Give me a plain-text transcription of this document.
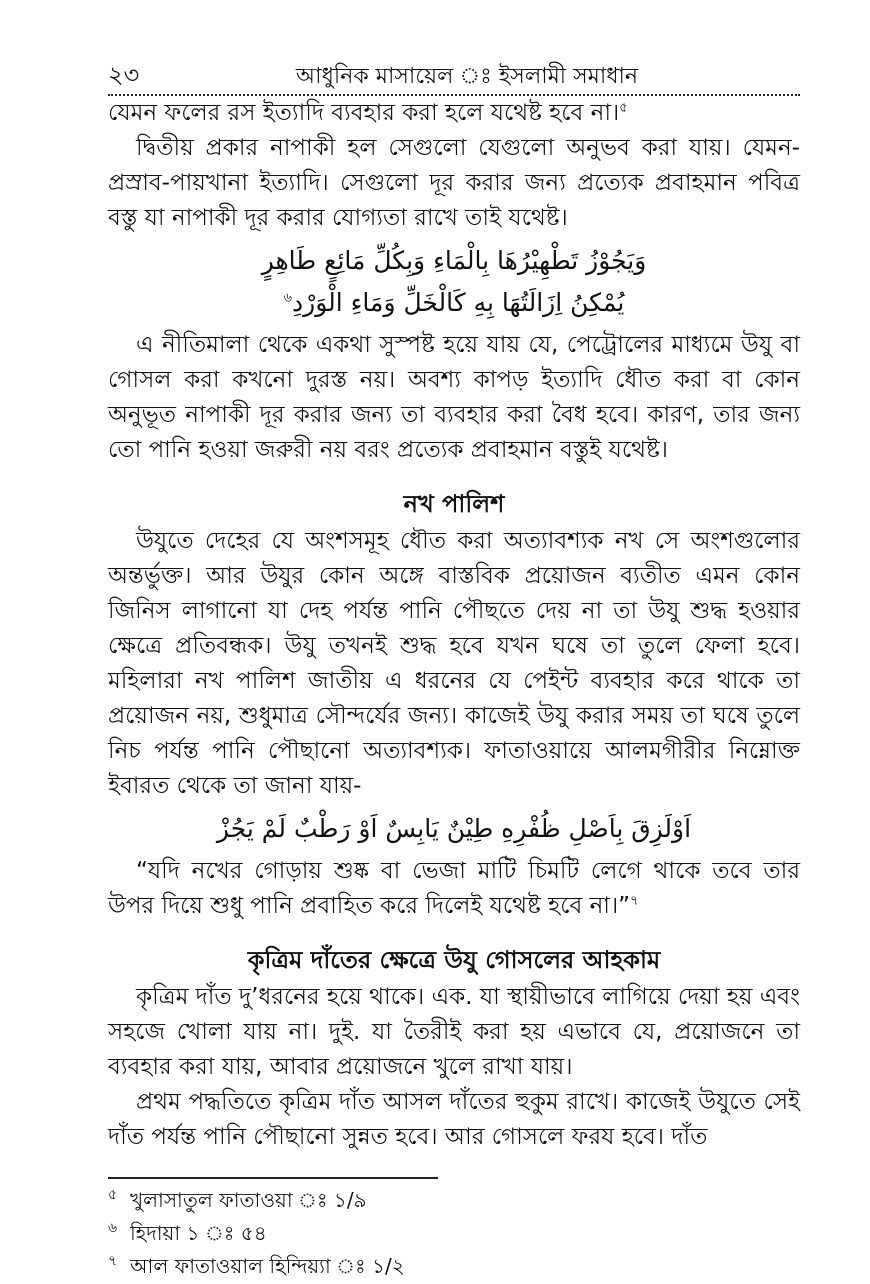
২৩	আধুনিক মাসায়েল ঃ ইসলামী সমাধান

যেমন ফলের রস ইত্যাদি ব্যবহার করা হলে যথেষ্ট হবে না।$^৫$

দ্বিতীয় প্রকার নাপাকী হল সেগুলো যেগুলো অনুভব করা যায়। যেমন-প্রস্রাব-পায়খানা ইত্যাদি। সেগুলো দূর করার জন্য প্রত্যেক প্রবাহমান পবিত্র বস্তু যা নাপাকী দূর করার যোগ্যতা রাখে তাই যথেষ্ট।

وَيَجُوْزُ تَطْهِيْرُهَا بِالْمَاءِ وَبِكُلِّ مَائِعٍ طَاهِرٍ
يُمْكِنُ اِزَالَتُهَا بِهِ كَالْخَلِّ وَمَاءِ الْوَرْدِ$^৬$

এ নীতিমালা থেকে একথা সুস্পষ্ট হয়ে যায় যে, পেট্রোলের মাধ্যমে উযু বা গোসল করা কখনো দুরস্ত নয়। অবশ্য কাপড় ইত্যাদি ধৌত করা বা কোন অনুভূত নাপাকী দূর করার জন্য তা ব্যবহার করা বৈধ হবে। কারণ, তার জন্য তো পানি হওয়া জরুরী নয় বরং প্রত্যেক প্রবাহমান বস্তুই যথেষ্ট।

নখ পালিশ

উযুতে দেহের যে অংশসমূহ ধৌত করা অত্যাবশ্যক নখ সে অংশগুলোর অন্তর্ভুক্ত। আর উযুর কোন অঙ্গে বাস্তবিক প্রয়োজন ব্যতীত এমন কোন জিনিস লাগানো যা দেহ পর্যন্ত পানি পৌছতে দেয় না তা উযু শুদ্ধ হওয়ার ক্ষেত্রে প্রতিবন্ধক। উযু তখনই শুদ্ধ হবে যখন ঘষে তা তুলে ফেলা হবে। মহিলারা নখ পালিশ জাতীয় এ ধরনের যে পেইন্ট ব্যবহার করে থাকে তা প্রয়োজন নয়, শুধুমাত্র সৌন্দর্যের জন্য। কাজেই উযু করার সময় তা ঘষে তুলে নিচ পর্যন্ত পানি পৌছানো অত্যাবশ্যক। ফাতাওয়ায়ে আলমগীরীর নিম্নোক্ত ইবারত থেকে তা জানা যায়-

اَوْلَزِقَ بِاَصْلِ ظُفْرِهِ طِيْنٌ يَابِسٌ اَوْ رَطْبٌ لَمْ يَجُزْ

“যদি নখের গোড়ায় শুষ্ক বা ভেজা মাটি চিমটি লেগে থাকে তবে তার উপর দিয়ে শুধু পানি প্রবাহিত করে দিলেই যথেষ্ট হবে না।”$^৭$

কৃত্রিম দাঁতের ক্ষেত্রে উযু গোসলের আহকাম

কৃত্রিম দাঁত দু’ধরনের হয়ে থাকে। এক. যা স্থায়ীভাবে লাগিয়ে দেয়া হয় এবং সহজে খোলা যায় না। দুই. যা তৈরীই করা হয় এভাবে যে, প্রয়োজনে তা ব্যবহার করা যায়, আবার প্রয়োজনে খুলে রাখা যায়।

প্রথম পদ্ধতিতে কৃত্রিম দাঁত আসল দাঁতের হুকুম রাখে। কাজেই উযুতে সেই দাঁত পর্যন্ত পানি পৌছানো সুন্নত হবে। আর গোসলে ফরয হবে। দাঁত

৫ খুলাসাতুল ফাতাওয়া ঃ ১/৯
৬ হিদায়া ১ ঃ ৫৪
৭ আল ফাতাওয়াল হিন্দিয়্যা ঃ ১/২
